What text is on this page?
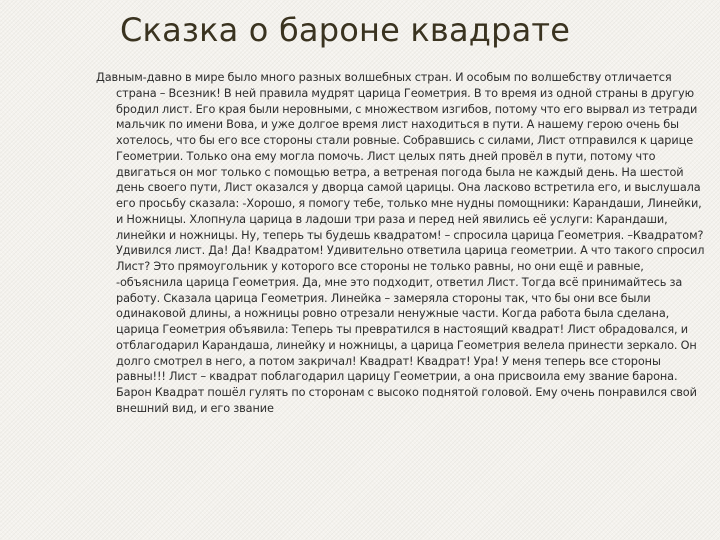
Сказка о бароне квадрате

Давным-давно в мире было много разных волшебных стран. И особым по волшебству отличается страна – Всезник! В ней правила мудрят царица Геометрия. В то время из одной страны в другую бродил лист. Его края были неровными, с множеством изгибов, потому что его вырвал из тетради мальчик по имени Вова, и уже долгое время лист находиться в пути. А нашему герою очень бы хотелось, что бы его все стороны стали ровные. Собравшись с силами, Лист отправился к царице Геометрии. Только она ему могла помочь. Лист целых пять дней провёл в пути, потому что двигаться он мог только с помощью ветра, а ветреная погода была не каждый день. На шестой день своего пути, Лист оказался у дворца самой царицы. Она ласково встретила его, и выслушала его просьбу сказала: -Хорошо, я помогу тебе, только мне нудны помощники: Карандаши, Линейки, и Ножницы. Хлопнула царица в ладоши три раза и перед ней явились её услуги: Карандаши, линейки и ножницы. Ну, теперь ты будешь квадратом! – спросила царица Геометрия. –Квадратом? Удивился лист. Да! Да! Квадратом! Удивительно ответила царица геометрии. А что такого спросил Лист? Это прямоугольник у которого все стороны не только равны, но они ещё и равные, -объяснила царица Геометрия. Да, мне это подходит, ответил Лист. Тогда всё принимайтесь за работу. Сказала царица Геометрия. Линейка – замеряла стороны так, что бы они все были одинаковой длины, а ножницы ровно отрезали ненужные части. Когда работа была сделана, царица Геометрия объявила: Теперь ты превратился в настоящий квадрат! Лист обрадовался, и отблагодарил Карандаша, линейку и ножницы, а царица Геометрия велела принести зеркало. Он долго смотрел в него, а потом закричал! Квадрат! Квадрат! Ура! У меня теперь все стороны равны!!! Лист – квадрат поблагодарил царицу Геометрии, а она присвоила ему звание барона. Барон Квадрат пошёл гулять по сторонам с высоко поднятой головой. Ему очень понравился свой внешний вид, и его звание
